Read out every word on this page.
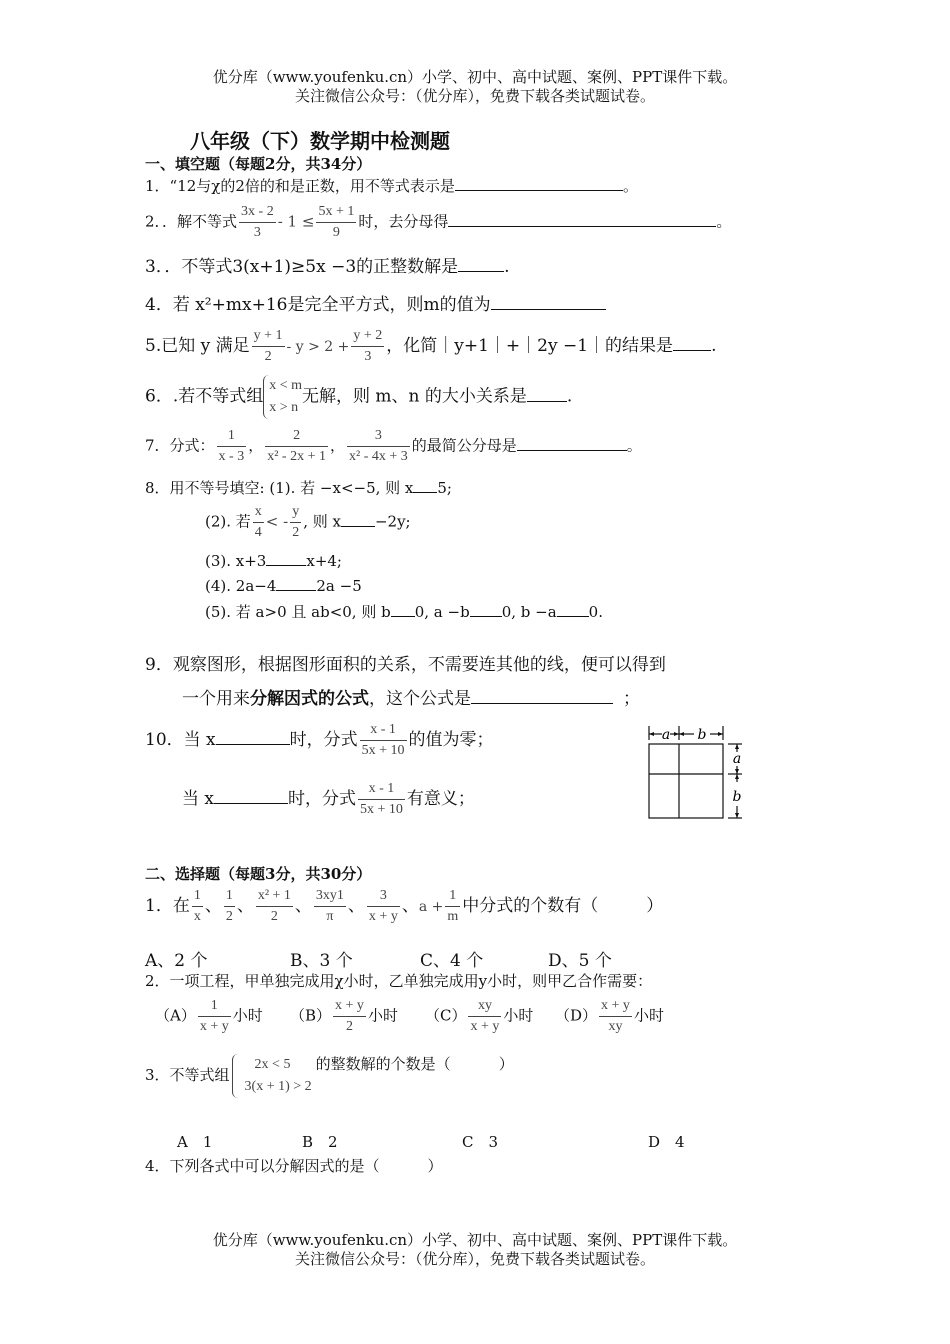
优分库（www.youfenku.cn）小学、初中、高中试题、案例、PPT课件下载。
关注微信公众号：（优分库），免费下载各类试题试卷。
八年级（下）数学期中检测题
一、填空题（每题2分，共34分）
1．“12与χ的2倍的和是正数，用不等式表示是	。
2．．解不等式 $\frac{3x - 2}{3} - 1 \le \frac{5x + 1}{9}$ 时，去分母得	。
3．．不等式3(x+1)≥5x −3的正整数解是	.
4．若 x²+mx+16是完全平方式，则m的值为
5.已知 y 满足 $\frac{y + 1}{2} - y > 2 + \frac{y + 2}{3}$ ，化简｜y+1｜+｜2y −1｜的结果是 .
6．.若不等式组
x < m
x > n
无解，则 m、n 的大小关系是 .
7．分式： $\frac{1}{x - 3}$ ， $\frac{2}{\text{x² - 2x + 1}}$ ， $\frac{3}{\text{x² - 4x + 3}}$ 的最简公分母是	。
8．用不等号填空: (1). 若 −x<−5, 则 x 5;
(2). 若 $\frac{x}{4}$ < - $\frac{y}{2}$ , 则 x −2y;
(3). x+3	x+4;
(4). 2a−4	2a −5
(5). 若 a>0 且 ab<0, 则 b 0, a −b 0, b −a 0.
9．观察图形，根据图形面积的关系，不需要连其他的线，便可以得到
一个用来分解因式的公式，这个公式是	；
10．当 x	时，分式 $\frac{x - 1}{5x + 10}$ 的值为零；
当 x	时，分式 $\frac{x - 1}{5x + 10}$ 有意义；
a b
a
b
二、选择题（每题3分，共30分）
1．在 $\frac{1}{x}$ 、 $\frac{1}{2}$ 、 $\frac{\text{x² + 1}}{2}$ 、 $\frac{3xy1}{\pi}$ 、 $\frac{3}{x + y}$ 、$a + \frac{1}{m}$ 中分式的个数有（	）
A、2 个	B、3 个	C、4 个	D、5 个
2．一项工程，甲单独完成用χ小时，乙单独完成用y小时，则甲乙合作需要：
$(A) \frac{1}{x + y}$ 小时 $(B) \frac{x + y}{2}$ 小时 $(C) \frac{xy}{x + y}$ 小时 $(D) \frac{x + y}{xy}$ 小时
3．不等式组
2x < 5
3(x + 1) > 2
的整数解的个数是（	）
A　1	B　2	C　3	D　4
4．下列各式中可以分解因式的是（	）
优分库（www.youfenku.cn）小学、初中、高中试题、案例、PPT课件下载。
关注微信公众号：（优分库），免费下载各类试题试卷。
